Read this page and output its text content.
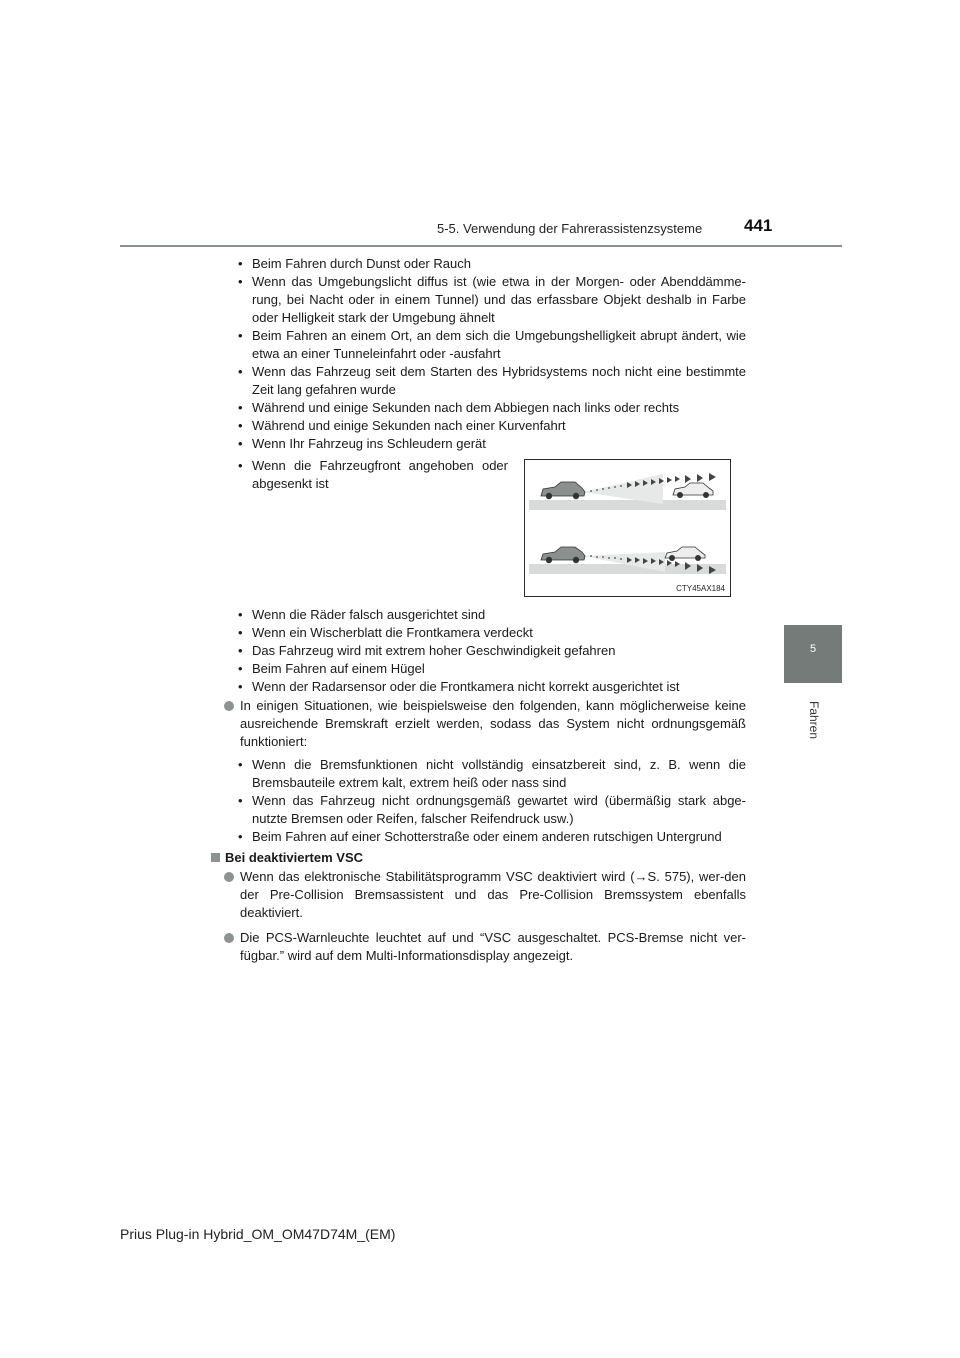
5-5. Verwendung der Fahrerassistenzsysteme 441
5
Fahren
• Beim Fahren durch Dunst oder Rauch
• Wenn das Umgebungslicht diffus ist (wie etwa in der Morgen- oder Abenddämme-rung, bei Nacht oder in einem Tunnel) und das erfassbare Objekt deshalb in Farbe oder Helligkeit stark der Umgebung ähnelt
• Beim Fahren an einem Ort, an dem sich die Umgebungshelligkeit abrupt ändert, wie etwa an einer Tunneleinfahrt oder -ausfahrt
• Wenn das Fahrzeug seit dem Starten des Hybridsystems noch nicht eine bestimmte Zeit lang gefahren wurde
• Während und einige Sekunden nach dem Abbiegen nach links oder rechts
• Während und einige Sekunden nach einer Kurvenfahrt
• Wenn Ihr Fahrzeug ins Schleudern gerät
• Wenn die Fahrzeugfront angehoben oder abgesenkt ist
CTY45AX184
• Wenn die Räder falsch ausgerichtet sind
• Wenn ein Wischerblatt die Frontkamera verdeckt
• Das Fahrzeug wird mit extrem hoher Geschwindigkeit gefahren
• Beim Fahren auf einem Hügel
• Wenn der Radarsensor oder die Frontkamera nicht korrekt ausgerichtet ist
In einigen Situationen, wie beispielsweise den folgenden, kann möglicherweise keine ausreichende Bremskraft erzielt werden, sodass das System nicht ordnungsgemäß funktioniert:
• Wenn die Bremsfunktionen nicht vollständig einsatzbereit sind, z. B. wenn die Bremsbauteile extrem kalt, extrem heiß oder nass sind
• Wenn das Fahrzeug nicht ordnungsgemäß gewartet wird (übermäßig stark abge-nutzte Bremsen oder Reifen, falscher Reifendruck usw.)
• Beim Fahren auf einer Schotterstraße oder einem anderen rutschigen Untergrund
Bei deaktiviertem VSC
Wenn das elektronische Stabilitätsprogramm VSC deaktiviert wird (→S. 575), wer-den der Pre-Collision Bremsassistent und das Pre-Collision Bremssystem ebenfalls deaktiviert.
Die PCS-Warnleuchte leuchtet auf und “VSC ausgeschaltet. PCS-Bremse nicht ver-fügbar.” wird auf dem Multi-Informationsdisplay angezeigt.
Prius Plug-in Hybrid_OM_OM47D74M_(EM)
